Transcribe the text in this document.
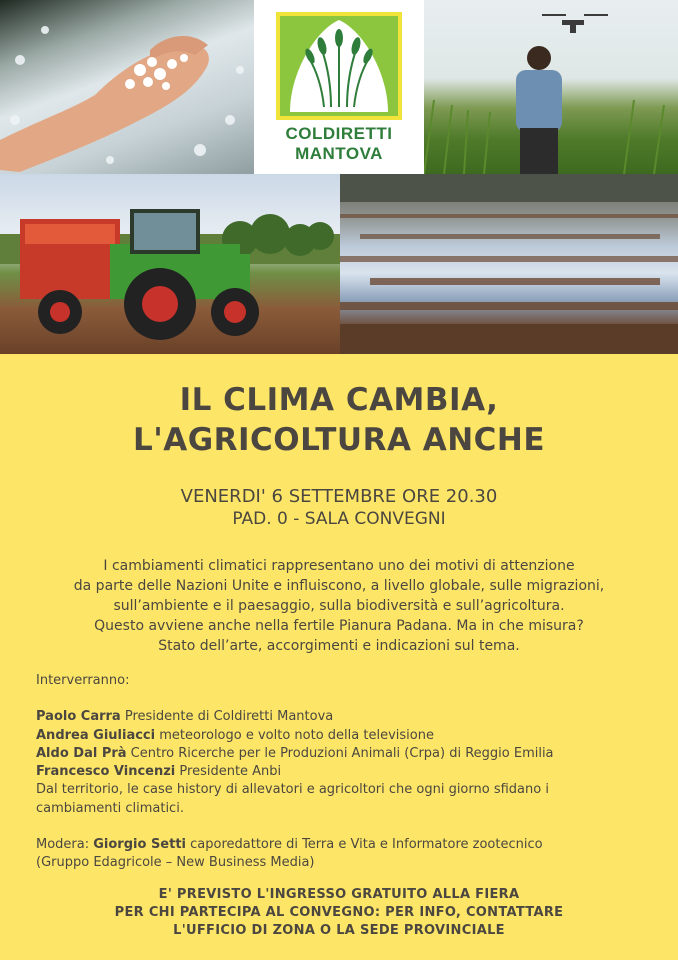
COLDIRETTI
MANTOVA
IL CLIMA CAMBIA,
L'AGRICOLTURA ANCHE
VENERDI' 6 SETTEMBRE ORE 20.30
PAD. 0 - SALA CONVEGNI
I cambiamenti climatici rappresentano uno dei motivi di attenzione
da parte delle Nazioni Unite e influiscono, a livello globale, sulle migrazioni,
sull’ambiente e il paesaggio, sulla biodiversità e sull’agricoltura.
Questo avviene anche nella fertile Pianura Padana. Ma in che misura?
Stato dell’arte, accorgimenti e indicazioni sul tema.
Interverranno:
Paolo Carra Presidente di Coldiretti Mantova
Andrea Giuliacci meteorologo e volto noto della televisione
Aldo Dal Prà Centro Ricerche per le Produzioni Animali (Crpa) di Reggio Emilia
Francesco Vincenzi Presidente Anbi
Dal territorio, le case history di allevatori e agricoltori che ogni giorno sfidano i
cambiamenti climatici.
Modera: Giorgio Setti caporedattore di Terra e Vita e Informatore zootecnico
(Gruppo Edagricole – New Business Media)
E' PREVISTO L'INGRESSO GRATUITO ALLA FIERA
PER CHI PARTECIPA AL CONVEGNO: PER INFO, CONTATTARE
L'UFFICIO DI ZONA O LA SEDE PROVINCIALE
